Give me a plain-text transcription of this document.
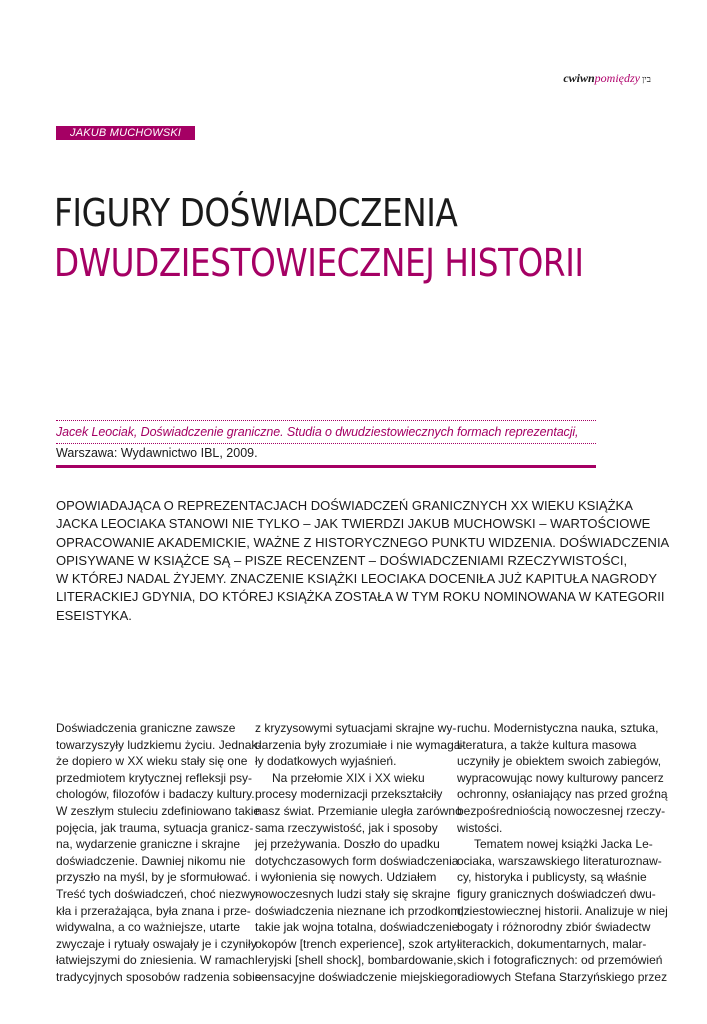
cwiwnpomiędzy בין
JAKUB MUCHOWSKI
FIGURY DOŚWIADCZENIA
DWUDZIESTOWIECZNEJ HISTORII
Jacek Leociak, Doświadczenie graniczne. Studia o dwudziestowiecznych formach reprezentacji,
Warszawa: Wydawnictwo IBL, 2009.
OPOWIADAJĄCA O REPREZENTACJACH DOŚWIADCZEŃ GRANICZNYCH XX WIEKU KSIĄŻKA
JACKA LEOCIAKA STANOWI NIE TYLKO – JAK TWIERDZI JAKUB MUCHOWSKI – WARTOŚCIOWE
OPRACOWANIE AKADEMICKIE, WAŻNE Z HISTORYCZNEGO PUNKTU WIDZENIA. DOŚWIADCZENIA
OPISYWANE W KSIĄŻCE SĄ – PISZE RECENZENT – DOŚWIADCZENIAMI RZECZYWISTOŚCI,
W KTÓREJ NADAL ŻYJEMY. ZNACZENIE KSIĄŻKI LEOCIAKA DOCENIŁA JUŻ KAPITUŁA NAGRODY
LITERACKIEJ GDYNIA, DO KTÓREJ KSIĄŻKA ZOSTAŁA W TYM ROKU NOMINOWANA W KATEGORII
ESEISTYKA.
Doświadczenia graniczne zawsze
towarzyszyły ludzkiemu życiu. Jednak-
że dopiero w XX wieku stały się one
przedmiotem krytycznej refleksji psy-
chologów, filozofów i badaczy kultury.
W zeszłym stuleciu zdefiniowano takie
pojęcia, jak trauma, sytuacja granicz-
na, wydarzenie graniczne i skrajne
doświadczenie. Dawniej nikomu nie
przyszło na myśl, by je sformułować.
Treść tych doświadczeń, choć niezwy-
kła i przerażająca, była znana i prze-
widywalna, a co ważniejsze, utarte
zwyczaje i rytuały oswajały je i czyniły
łatwiejszymi do zniesienia. W ramach
tradycyjnych sposobów radzenia sobie
z kryzysowymi sytuacjami skrajne wy-
darzenia były zrozumiałe i nie wymaga-
ły dodatkowych wyjaśnień.
Na przełomie XIX i XX wieku
procesy modernizacji przekształciły
nasz świat. Przemianie uległa zarówno
sama rzeczywistość, jak i sposoby
jej przeżywania. Doszło do upadku
dotychczasowych form doświadczenia
i wyłonienia się nowych. Udziałem
nowoczesnych ludzi stały się skrajne
doświadczenia nieznane ich przodkom,
takie jak wojna totalna, doświadczenie
okopów [trench experience], szok arty-
leryjski [shell shock], bombardowanie,
sensacyjne doświadczenie miejskiego
ruchu. Modernistyczna nauka, sztuka,
literatura, a także kultura masowa
uczyniły je obiektem swoich zabiegów,
wypracowując nowy kulturowy pancerz
ochronny, osłaniający nas przed groźną
bezpośredniością nowoczesnej rzeczy-
wistości.
Tematem nowej książki Jacka Le-
ociaka, warszawskiego literaturoznaw-
cy, historyka i publicysty, są właśnie
figury granicznych doświadczeń dwu-
dziestowiecznej historii. Analizuje w niej
bogaty i różnorodny zbiór świadectw
literackich, dokumentarnych, malar-
skich i fotograficznych: od przemówień
radiowych Stefana Starzyńskiego przez
